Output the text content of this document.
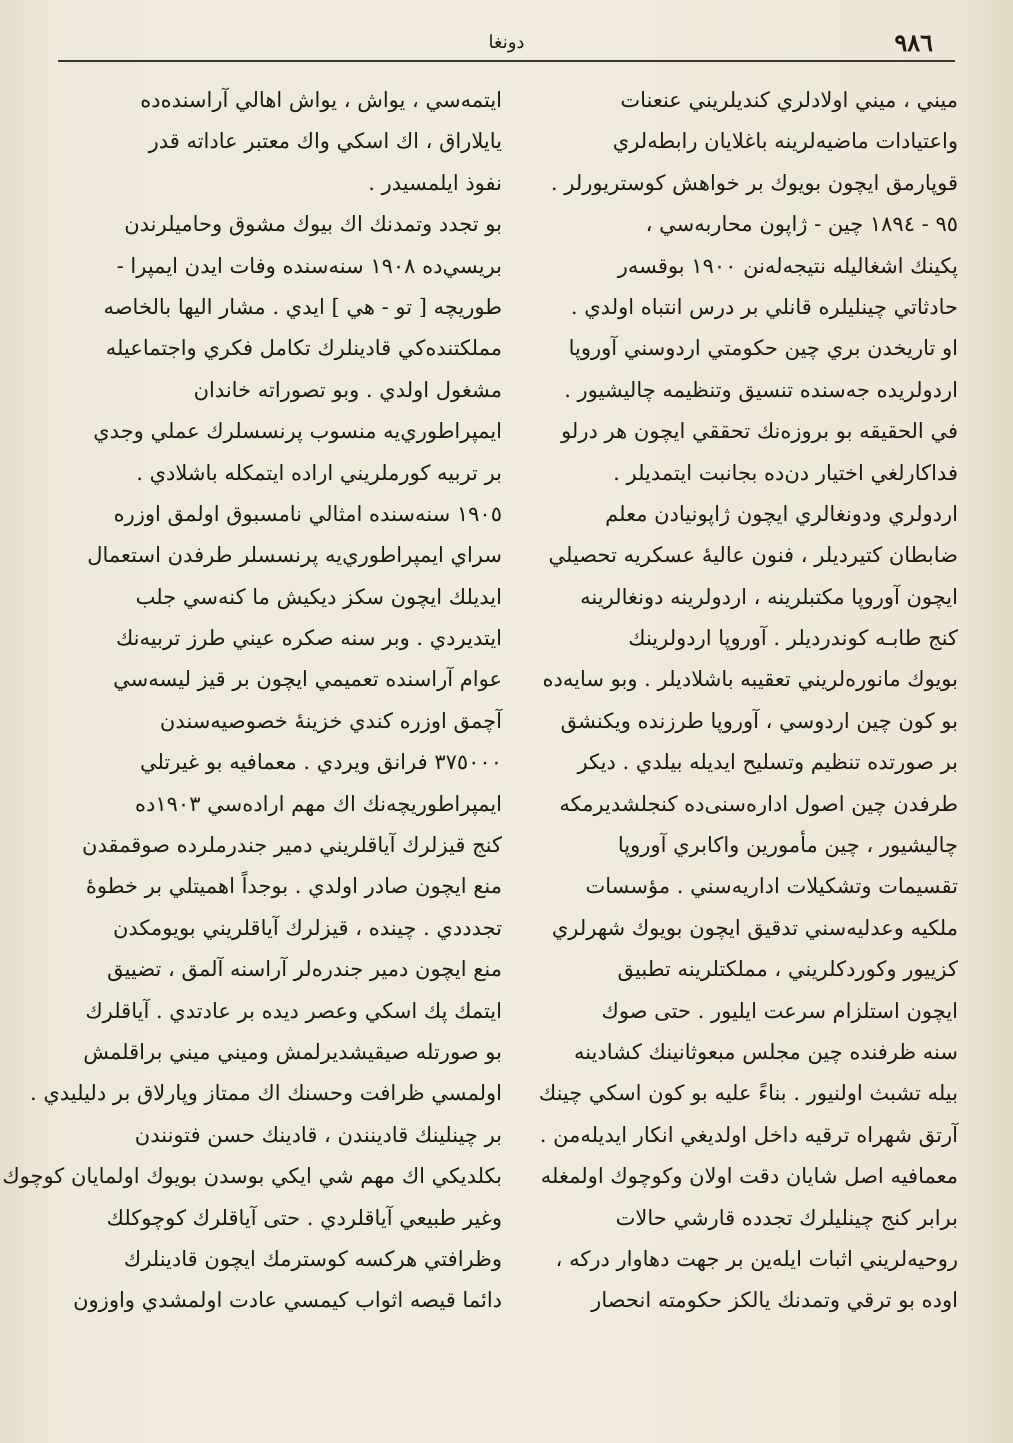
٩٨٦
دونغا
ميني ، ميني اولادلري كنديلريني عنعنات
واعتيادات ماضيه‌لرينه باغلايان رابطه‌لري
قوپارمق ايچون بويوك بر خواهش كوستريورلر .
٩٥ - ١٨٩٤ چين - ژاپون محاربه‌سي ،
پكينك اشغاليله نتيجه‌له‌نن ١٩٠٠ بوقسه‌ر
حادثاتي چينليلره قانلي بر درس انتباه اولدي .
او تاريخدن بري چين حكومتي اردوسني آوروپا
اردولريده جه‌سنده تنسيق وتنظيمه چاليشيور .
في الحقيقه بو بروزه‌نك تحققي ايچون هر درلو
فداكارلغي اختيار دن‌ده بجانبت ايتمديلر .
اردولري ودونغالري ايچون ژاپونيادن معلم
ضابطان كتيرديلر ، فنون عاليهٔ عسكريه تحصيلي
ايچون آوروپا مكتبلرينه ، اردولرينه دونغالرينه
كنج طابـه كوندرديلر . آوروپا اردولرينك
بويوك مانوره‌لريني تعقيبه باشلاديلر . وبو سايه‌ده
بو كون چين اردوسي ، آوروپا طرزنده ويكنشق
بر صورتده تنظيم وتسليح ايديله بيلدي . ديكر
طرفدن چين اصول اداره‌سنى‌ده كنجلشديرمكه
چاليشيور ، چين مأمورين واكابري آوروپا
تقسيمات وتشكيلات اداريه‌سني . مؤسسات
ملكيه وعدليه‌سني تدقيق ايچون بويوك شهرلري
كزييور وكوردكلريني ، مملكتلرينه تطبيق
ايچون استلزام سرعت ايليور . حتى صوك
سنه ظرفنده چين مجلس مبعوثانينك كشادينه
بيله تشبث اولنيور . بناءً عليه بو كون اسكي چينك
آرتق شهراه ترقيه داخل اولديغي انكار ايديله‌من .
معمافيه اصل شايان دقت اولان وكوچوك اولمغله
برابر كنج چينليلرك تجدده قارشي حالات
روحيه‌لريني اثبات ايله‌ين بر جهت دهاوار دركه ،
اوده بو ترقي وتمدنك يالكز حكومته انحصار
ايتمه‌سي ، يواش ، يواش اهالي آراسنده‌ده
يايلاراق ، اك اسكي واك معتبر عاداته قدر
نفوذ ايلمسيدر .
بو تجدد وتمدنك اك بيوك مشوق وحاميلرندن
بريسي‌ده ١٩٠٨ سنه‌سنده وفات ايدن ايمپرا -
طوريچه [ تو - هي ] ايدي . مشار اليها بالخاصه
مملكتنده‌كي قادينلرك تكامل فكري واجتماعيله
مشغول اولدي . وبو تصوراته خاندان
ايمپراطوري‌يه منسوب پرنسسلرك عملي وجدي
بر تربيه كورملريني اراده ايتمكله باشلادي .
١٩٠٥ سنه‌سنده امثالي نامسبوق اولمق اوزره
سراي ايمپراطوري‌يه پرنسسلر طرفدن استعمال
ايديلك ايچون سكز ديكيش ما كنه‌سي جلب
ايتديردي . وبر سنه صكره عيني طرز تربيه‌نك
عوام آراسنده تعميمي ايچون بر قيز ليسه‌سي
آچمق اوزره كندي خزينهٔ خصوصيه‌سندن
٣٧٥٠٠٠ فرانق ويردي . معمافيه بو غيرتلي
ايمپراطوريچه‌نك اك مهم اراده‌سي ١٩٠٣ده
كنج قيزلرك آياقلريني دمير جندرملرده صوقمقدن
منع ايچون صادر اولدي . بوجداً اهميتلي بر خطوهٔ
تجدددي . چينده ، قيزلرك آياقلريني بويومكدن
منع ايچون دمير جندره‌لر آراسنه آلمق ، تضييق
ايتمك پك اسكي وعصر ديده بر عادتدي . آياقلرك
بو صورتله صيقيشديرلمش وميني ميني براقلمش
اولمسي ظرافت وحسنك اك ممتاز وپارلاق بر دليليدي .
بر چينلينك قادينندن ، قادينك حسن فتونندن
بكلديكي اك مهم شي ايكي بوسدن بويوك اولمايان كوچوك
وغير طبيعي آياقلردي . حتى آياقلرك كوچوكلك
وظرافتي هركسه كوسترمك ايچون قادينلرك
دائما قيصه اثواب كيمسي عادت اولمشدي واوزون
